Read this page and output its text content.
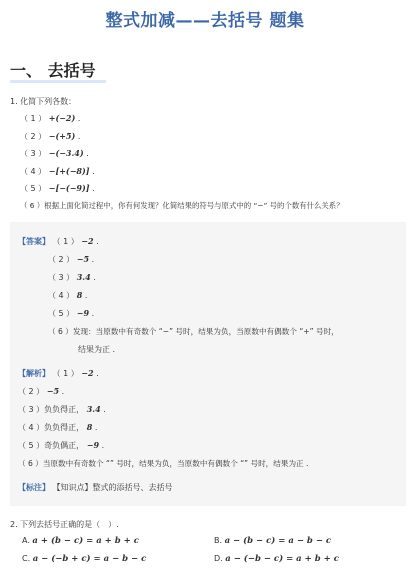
整式加减——去括号 题集
一、 去括号
1. 化简下列各数：
（ 1 ） +(−2) .
（ 2 ） −(+5) .
（ 3 ） −(−3.4) .
（ 4 ） −[+(−8)] .
（ 5 ） −[−(−9)] .
（ 6 ）根据上面化简过程中，你有何发现？化简结果的符号与原式中的 “−” 号的个数有什么关系？
【答案】 （ 1 ） −2 .
（ 2 ） −5 .
（ 3 ） 3.4 .
（ 4 ） 8 .
（ 5 ） −9 .
（ 6 ）发现：当原数中有奇数个 “−” 号时，结果为负，当原数中有偶数个 “+” 号时，
结果为正 .
【解析】 （ 1 ） −2 .
（ 2 ） −5 .
（ 3 ）负负得正， 3.4 .
（ 4 ）负负得正， 8 .
（ 5 ）奇负偶正， −9 .
（ 6 ）当原数中有奇数个 “” 号时，结果为负，当原数中有偶数个 “” 号时，结果为正 .
【标注】 【知识点】整式的添括号、去括号
2. 下列去括号正确的是（　）.
A. a + (b − c) = a + b + c	B. a − (b − c) = a − b − c
C. a − (−b + c) = a − b − c	D. a − (−b − c) = a + b + c
